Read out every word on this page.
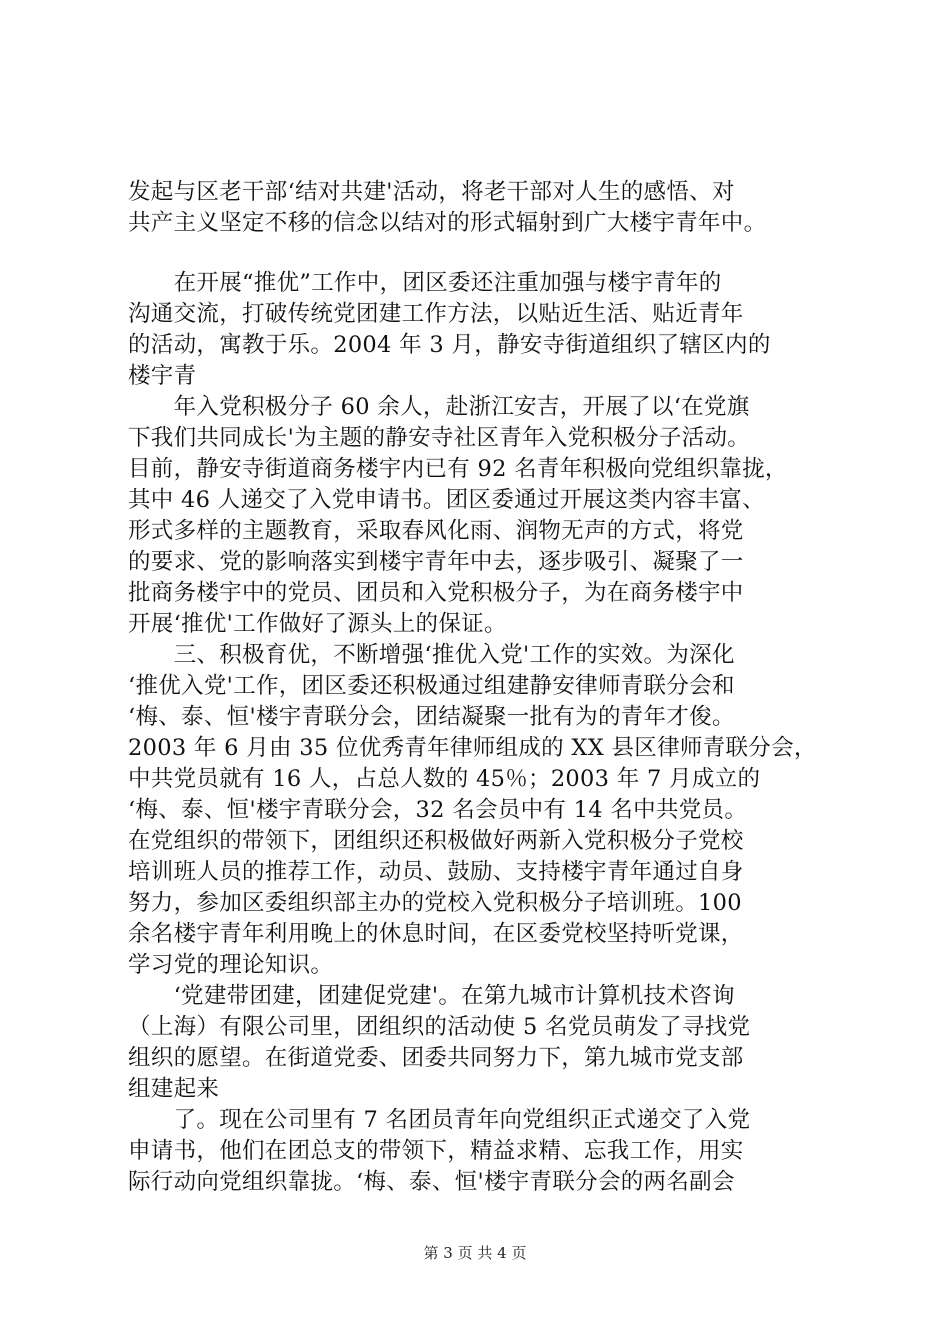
发起与区老干部‘结对共建'活动，将老干部对人生的感悟、对
共产主义坚定不移的信念以结对的形式辐射到广大楼宇青年中。
　　在开展“推优”工作中，团区委还注重加强与楼宇青年的
沟通交流，打破传统党团建工作方法，以贴近生活、贴近青年
的活动，寓教于乐。2004 年 3 月，静安寺街道组织了辖区内的
楼宇青
　　年入党积极分子 60 余人，赴浙江安吉，开展了以‘在党旗
下我们共同成长'为主题的静安寺社区青年入党积极分子活动。
目前，静安寺街道商务楼宇内已有 92 名青年积极向党组织靠拢，
其中 46 人递交了入党申请书。团区委通过开展这类内容丰富、
形式多样的主题教育，采取春风化雨、润物无声的方式，将党
的要求、党的影响落实到楼宇青年中去，逐步吸引、凝聚了一
批商务楼宇中的党员、团员和入党积极分子，为在商务楼宇中
开展‘推优'工作做好了源头上的保证。
　　三、积极育优，不断增强‘推优入党'工作的实效。为深化
‘推优入党'工作，团区委还积极通过组建静安律师青联分会和
‘梅、泰、恒'楼宇青联分会，团结凝聚一批有为的青年才俊。
2003 年 6 月由 35 位优秀青年律师组成的 XX 县区律师青联分会，
中共党员就有 16 人，占总人数的 45％；2003 年 7 月成立的
‘梅、泰、恒'楼宇青联分会，32 名会员中有 14 名中共党员。
在党组织的带领下，团组织还积极做好两新入党积极分子党校
培训班人员的推荐工作，动员、鼓励、支持楼宇青年通过自身
努力，参加区委组织部主办的党校入党积极分子培训班。100
余名楼宇青年利用晚上的休息时间，在区委党校坚持听党课，
学习党的理论知识。
　　‘党建带团建，团建促党建'。在第九城市计算机技术咨询
（上海）有限公司里，团组织的活动使 5 名党员萌发了寻找党
组织的愿望。在街道党委、团委共同努力下，第九城市党支部
组建起来
　　了。现在公司里有 7 名团员青年向党组织正式递交了入党
申请书，他们在团总支的带领下，精益求精、忘我工作，用实
际行动向党组织靠拢。‘梅、泰、恒'楼宇青联分会的两名副会
第 3 页 共 4 页
